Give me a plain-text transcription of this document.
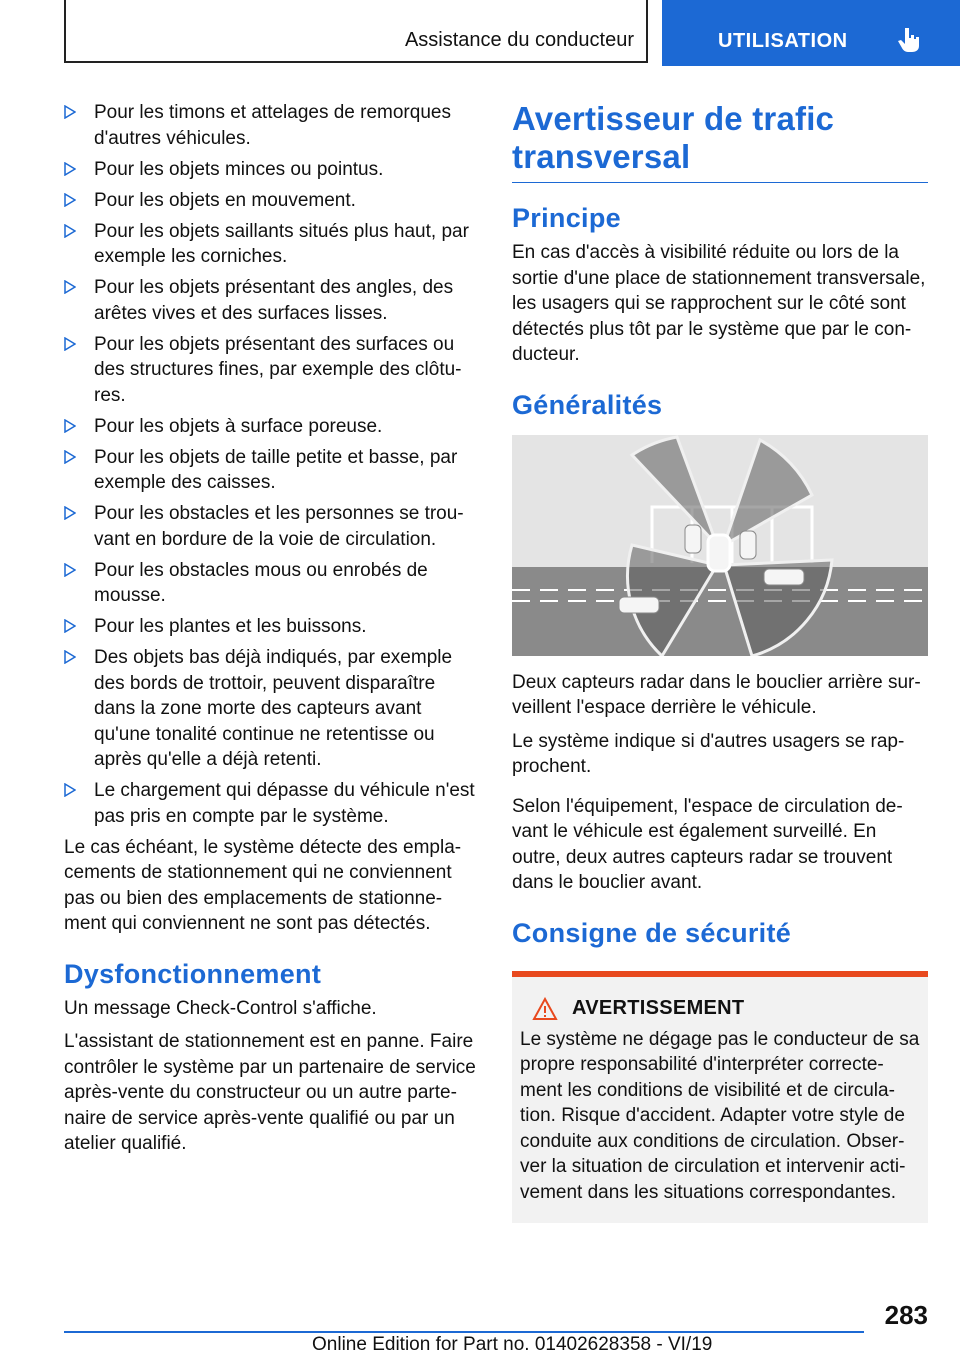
Assistance du conducteur	UTILISATION
Pour les timons et attelages de remorques d'autres véhicules.
Pour les objets minces ou pointus.
Pour les objets en mouvement.
Pour les objets saillants situés plus haut, par exemple les corniches.
Pour les objets présentant des angles, des arêtes vives et des surfaces lisses.
Pour les objets présentant des surfaces ou des structures fines, par exemple des clôtu-res.
Pour les objets à surface poreuse.
Pour les objets de taille petite et basse, par exemple des caisses.
Pour les obstacles et les personnes se trou-vant en bordure de la voie de circulation.
Pour les obstacles mous ou enrobés de mousse.
Pour les plantes et les buissons.
Des objets bas déjà indiqués, par exemple des bords de trottoir, peuvent disparaître dans la zone morte des capteurs avant qu'une tonalité continue ne retentisse ou après qu'elle a déjà retenti.
Le chargement qui dépasse du véhicule n'est pas pris en compte par le système.

Le cas échéant, le système détecte des empla-cements de stationnement qui ne conviennent pas ou bien des emplacements de stationne-ment qui conviennent ne sont pas détectés.

Dysfonctionnement

Un message Check-Control s'affiche.

L'assistant de stationnement est en panne. Faire contrôler le système par un partenaire de service après-vente du constructeur ou un autre parte-naire de service après-vente qualifié ou par un atelier qualifié.

Avertisseur de trafic transversal
Principe

En cas d'accès à visibilité réduite ou lors de la sortie d'une place de stationnement transversale, les usagers qui se rapprochent sur le côté sont détectés plus tôt par le système que par le con-ducteur.

Généralités

Deux capteurs radar dans le bouclier arrière sur-veillent l'espace derrière le véhicule.

Le système indique si d'autres usagers se rap-prochent.

Selon l'équipement, l'espace de circulation de-vant le véhicule est également surveillé. En outre, deux autres capteurs radar se trouvent dans le bouclier avant.

Consigne de sécurité
AVERTISSEMENT

Le système ne dégage pas le conducteur de sa propre responsabilité d'interpréter correcte-ment les conditions de visibilité et de circula-tion. Risque d'accident. Adapter votre style de conduite aux conditions de circulation. Obser-ver la situation de circulation et intervenir acti-vement dans les situations correspondantes.

283
Online Edition for Part no. 01402628358 - VI/19
